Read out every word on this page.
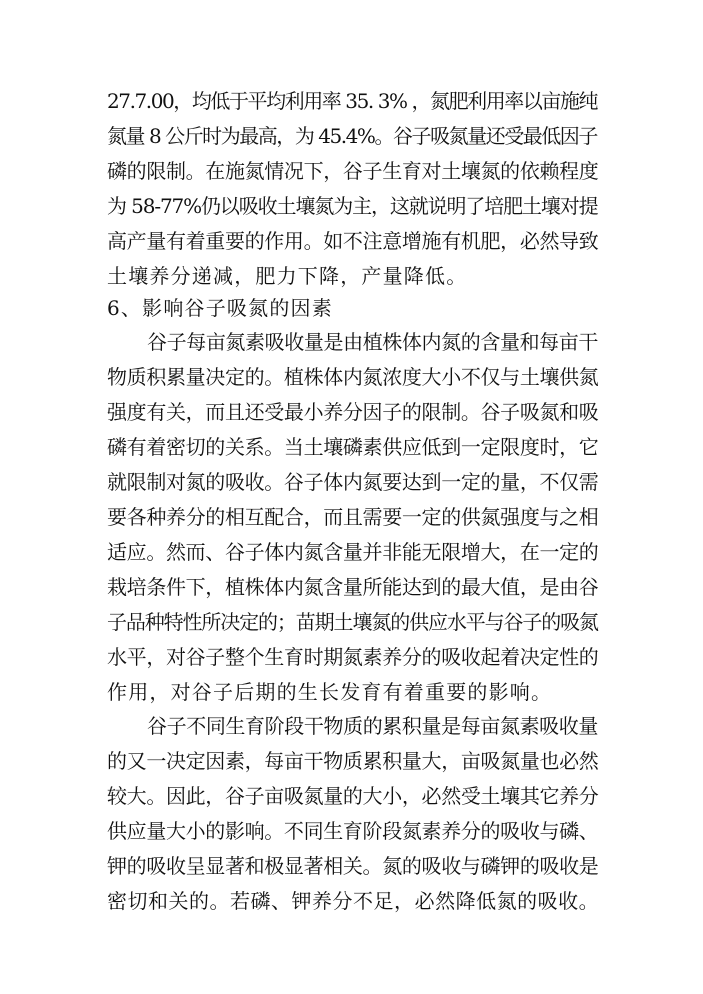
27.7.00，均低于平均利用率 35. 3% ，氮肥利用率以亩施纯
氮量 8 公斤时为最高，为 45.4%。谷子吸氮量还受最低因子
磷的限制。在施氮情况下，谷子生育对土壤氮的依赖程度
为 58-77%仍以吸收土壤氮为主，这就说明了培肥土壤对提
高产量有着重要的作用。如不注意增施有机肥，必然导致
土壤养分递减，肥力下降，产量降低。
6、影响谷子吸氮的因素
谷子每亩氮素吸收量是由植株体内氮的含量和每亩干
物质积累量决定的。植株体内氮浓度大小不仅与土壤供氮
强度有关，而且还受最小养分因子的限制。谷子吸氮和吸
磷有着密切的关系。当土壤磷素供应低到一定限度时，它
就限制对氮的吸收。谷子体内氮要达到一定的量，不仅需
要各种养分的相互配合，而且需要一定的供氮强度与之相
适应。然而、谷子体内氮含量并非能无限增大，在一定的
栽培条件下，植株体内氮含量所能达到的最大值，是由谷
子品种特性所决定的；苗期土壤氮的供应水平与谷子的吸氮
水平，对谷子整个生育时期氮素养分的吸收起着决定性的
作用，对谷子后期的生长发育有着重要的影响。
谷子不同生育阶段干物质的累积量是每亩氮素吸收量
的又一决定因素，每亩干物质累积量大，亩吸氮量也必然
较大。因此，谷子亩吸氮量的大小，必然受土壤其它养分
供应量大小的影响。不同生育阶段氮素养分的吸收与磷、
钾的吸收呈显著和极显著相关。氮的吸收与磷钾的吸收是
密切和关的。若磷、钾养分不足，必然降低氮的吸收。
